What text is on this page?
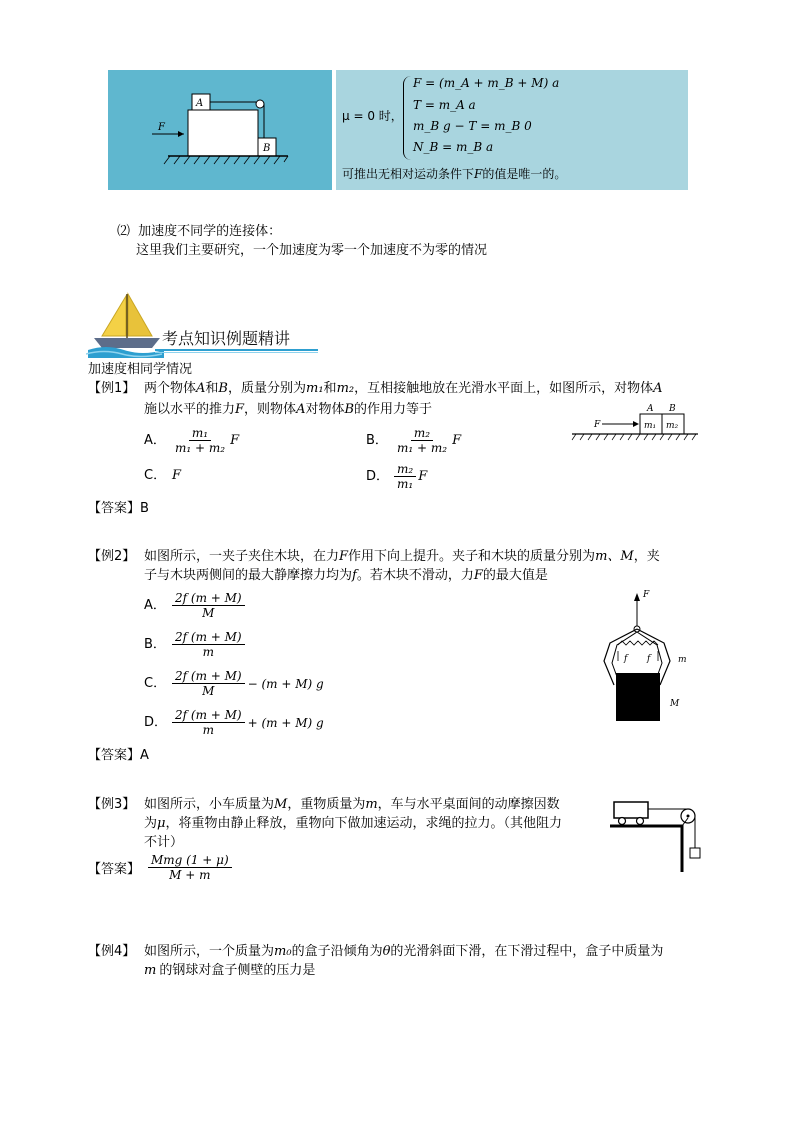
A
B
F
μ = 0 时，
F = (m_A + m_B + M) a
T = m_A a
m_B g − T = m_B 0
N_B = m_B a
可推出无相对运动条件下F的值是唯一的。
⑵ 加速度不同学的连接体：
这里我们主要研究，一个加速度为零一个加速度不为零的情况
考点知识例题精讲
加速度相同学情况
【例1】 两个物体A和B，质量分别为m₁和m₂，互相接触地放在光滑水平面上，如图所示，对物体A
施以水平的推力F，则物体A对物体B的作用力等于
A． $\frac{\text{m₁}}{\text{m₁ + m₂}}$ F	B． $\frac{\text{m₂}}{\text{m₁ + m₂}}$ F
C． F	D． $\frac{\text{m₂}}{\text{m₁}}$ F
F
A B
m₁ m₂
【答案】B
【例2】 如图所示，一夹子夹住木块，在力F作用下向上提升。夹子和木块的质量分别为m、M，夹
子与木块两侧间的最大静摩擦力均为f。若木块不滑动，力F的最大值是
A． $\frac{2f (m + M)}{M}$
B． $\frac{2f (m + M)}{m}$
C． $\frac{2f (m + M)}{M} - (m + M)$ g
D． $\frac{2f (m + M)}{m} + (m + M)$ g
F
f f	m
M
【答案】A
【例3】 如图所示，小车质量为M，重物质量为m，车与水平桌面间的动摩擦因数
为μ，将重物由静止释放，重物向下做加速运动，求绳的拉力。（其他阻力
不计）
【答案】 $\frac{\text{Mmg (1 + μ)}}{M + m}$
【例4】 如图所示，一个质量为m₀的盒子沿倾角为θ的光滑斜面下滑，在下滑过程中，盒子中质量为
m 的钢球对盒子侧壁的压力是
